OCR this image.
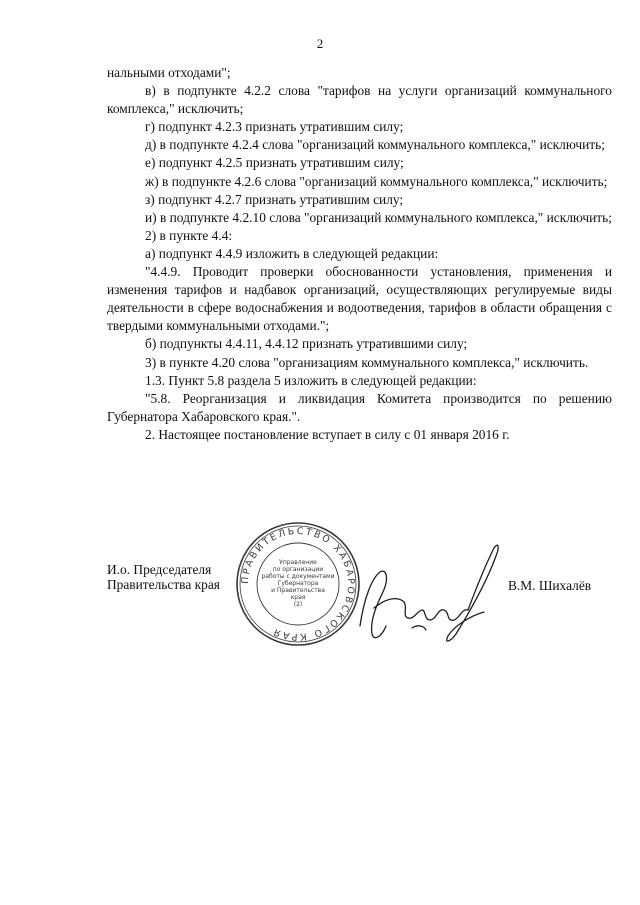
2

нальными отходами";

в) в подпункте 4.2.2 слова "тарифов на услуги организаций коммунального комплекса," исключить;

г) подпункт 4.2.3 признать утратившим силу;

д) в подпункте 4.2.4 слова "организаций коммунального комплекса," исключить;

е) подпункт 4.2.5 признать утратившим силу;

ж) в подпункте 4.2.6 слова "организаций коммунального комплекса," исключить;

з) подпункт 4.2.7 признать утратившим силу;

и) в подпункте 4.2.10 слова "организаций коммунального комплекса," исключить;

2) в пункте 4.4:

а) подпункт 4.4.9 изложить в следующей редакции:

"4.4.9. Проводит проверки обоснованности установления, применения и изменения тарифов и надбавок организаций, осуществляющих регулируемые виды деятельности в сфере водоснабжения и водоотведения, тарифов в области обращения с твердыми коммунальными отходами.";

б) подпункты 4.4.11, 4.4.12 признать утратившими силу;

3) в пункте 4.20 слова "организациям коммунального комплекса," исключить.

1.3. Пункт 5.8 раздела 5 изложить в следующей редакции:

"5.8. Реорганизация и ликвидация Комитета производится по решению Губернатора Хабаровского края.".

2. Настоящее постановление вступает в силу с 01 января 2016 г.

И.о. Председателя
Правительства края ПРАВИТЕЛЬСТВО ХАБАРОВСКОГО КРАЯ
Управление
по организации
работы с документами
Губернатора
и Правительства
края
(2)
В.М. Шихалёв
